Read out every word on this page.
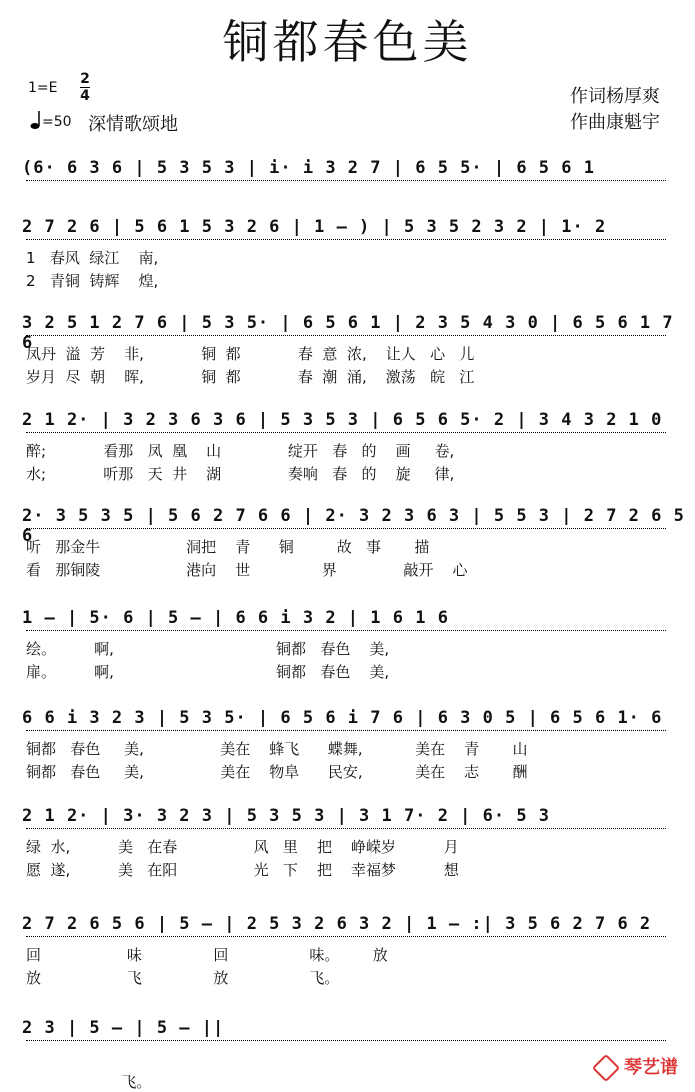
铜都春色美
1=E
2
4
=50 深情歌颂地
作词杨厚爽
作曲康魁宇
(6· 6 3 6 | 5 3 5 3 | i· i 3 2 7 | 6 5 5· | 6 5 6 1
2 7 2 6 | 5 6 1 5 3 2 6 | 1 – ) | 5 3 5 2 3 2 | 1· 2
1   春风  绿江    南,
2   青铜  铸辉    煌,
3 2 5 1 2 7 6 | 5 3 5· | 6 5 6 1 | 2 3 5 4 3 0 | 6 5 6 1 7 6
凤丹  溢  芳    非,            铜  都            春  意  浓,    让人   心   儿
岁月  尽  朝    晖,            铜  都            春  潮  涌,    激荡   皖   江
2 1 2· | 3 2 3 6 3 6 | 5 3 5 3 | 6 5 6 5· 2 | 3 4 3 2 1 0
醉;            看那   凤  凰    山              绽开   春   的    画     卷,
水;            听那   天  井    湖              奏响   春   的    旋     律,
2· 3 5 3 5 | 5 6 2 7 6 6 | 2· 3 2 3 6 3 | 5 5 3 | 2 7 2 6 5 6
听   那金牛                  洞把    青      铜         故   事       描
看   那铜陵                  港向    世               界              敲开    心
1 – | 5· 6 | 5 – | 6 6 i 3 2 | 1 6 1 6
绘。        啊,                                  铜都   春色    美,
扉。        啊,                                  铜都   春色    美,
6 6 i 3 2 3 | 5 3 5· | 6 5 6 i 7 6 | 6 3 0 5 | 6 5 6 1· 6
铜都   春色     美,                美在    蜂飞      蝶舞,           美在    青       山
铜都   春色     美,                美在    物阜      民安,           美在    志       酬
2 1 2· | 3· 3 2 3 | 5 3 5 3 | 3 1 7· 2 | 6· 5 3
绿  水,          美   在春                风   里    把    峥嵘岁          月
愿  遂,          美   在阳                光   下    把    幸福梦          想
2 7 2 6 5 6 | 5 – | 2 5 3 2 6 3 2 | 1 – :| 3 5 6 2 7 6 2
回                  味               回                 味。       放
放                  飞               放                 飞。
2 3 | 5 – | 5 – ||
飞。
琴艺谱
